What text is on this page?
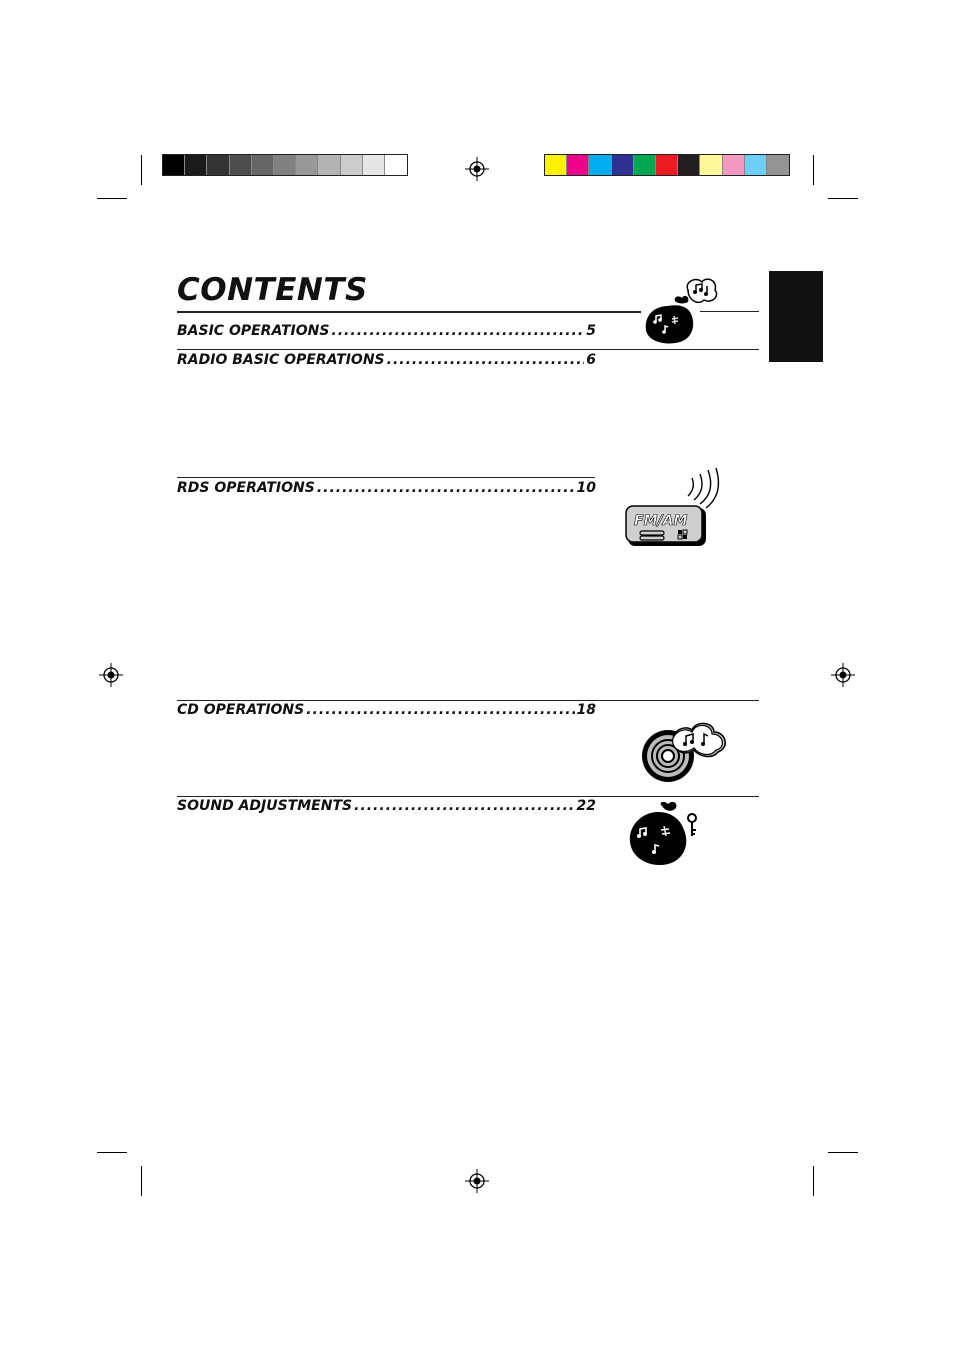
CONTENTS
BASIC OPERATIONS .....	5
RADIO BASIC OPERATIONS .....	6
RDS OPERATIONS .....	10
CD OPERATIONS .....	18
SOUND ADJUSTMENTS .....	22
FM/AM
